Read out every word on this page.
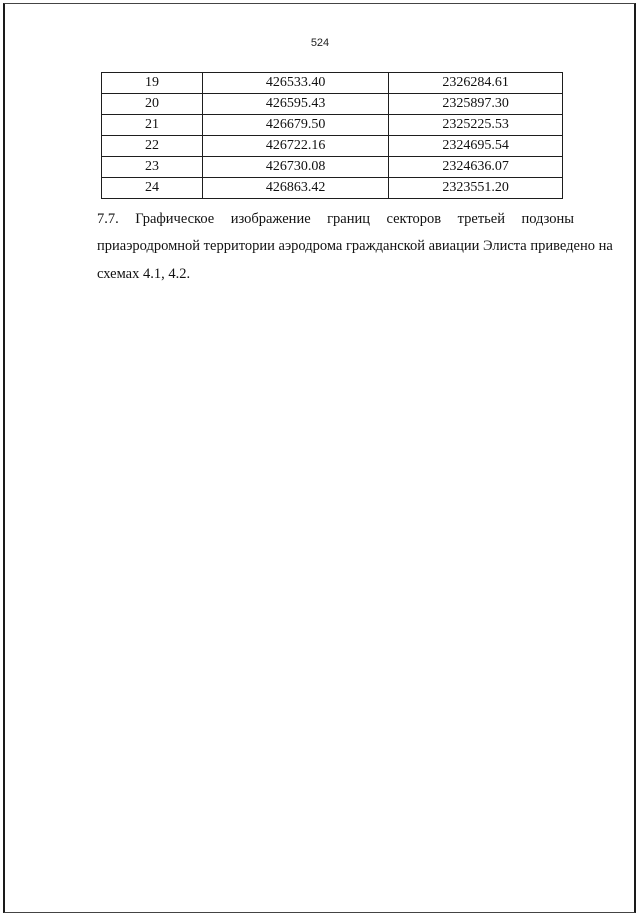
524
19	426533.40	2326284.61
20	426595.43	2325897.30
21	426679.50	2325225.53
22	426722.16	2324695.54
23	426730.08	2324636.07
24	426863.42	2323551.20
7.7. Графическое изображение границ секторов третьей подзоны
приаэродромной территории аэродрома гражданской авиации Элиста приведено на
схемах 4.1, 4.2.
